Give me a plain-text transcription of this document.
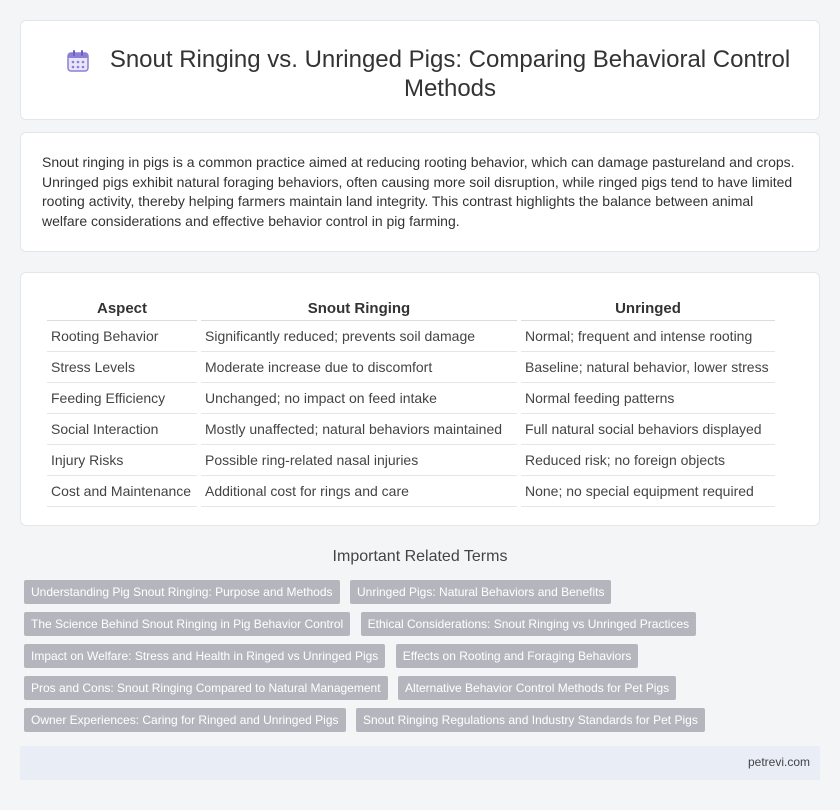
Snout Ringing vs. Unringed Pigs: Comparing Behavioral Control Methods

Snout ringing in pigs is a common practice aimed at reducing rooting behavior, which can damage pastureland and crops. Unringed pigs exhibit natural foraging behaviors, often causing more soil disruption, while ringed pigs tend to have limited rooting activity, thereby helping farmers maintain land integrity. This contrast highlights the balance between animal welfare considerations and effective behavior control in pig farming.

Aspect	Snout Ringing	Unringed
Rooting Behavior	Significantly reduced; prevents soil damage	Normal; frequent and intense rooting
Stress Levels	Moderate increase due to discomfort	Baseline; natural behavior, lower stress
Feeding Efficiency	Unchanged; no impact on feed intake	Normal feeding patterns
Social Interaction	Mostly unaffected; natural behaviors maintained	Full natural social behaviors displayed
Injury Risks	Possible ring-related nasal injuries	Reduced risk; no foreign objects
Cost and Maintenance	Additional cost for rings and care	None; no special equipment required
Important Related Terms
Understanding Pig Snout Ringing: Purpose and Methods Unringed Pigs: Natural Behaviors and Benefits
The Science Behind Snout Ringing in Pig Behavior Control Ethical Considerations: Snout Ringing vs Unringed Practices
Impact on Welfare: Stress and Health in Ringed vs Unringed Pigs Effects on Rooting and Foraging Behaviors
Pros and Cons: Snout Ringing Compared to Natural Management Alternative Behavior Control Methods for Pet Pigs
Owner Experiences: Caring for Ringed and Unringed Pigs Snout Ringing Regulations and Industry Standards for Pet Pigs
petrevi.com
